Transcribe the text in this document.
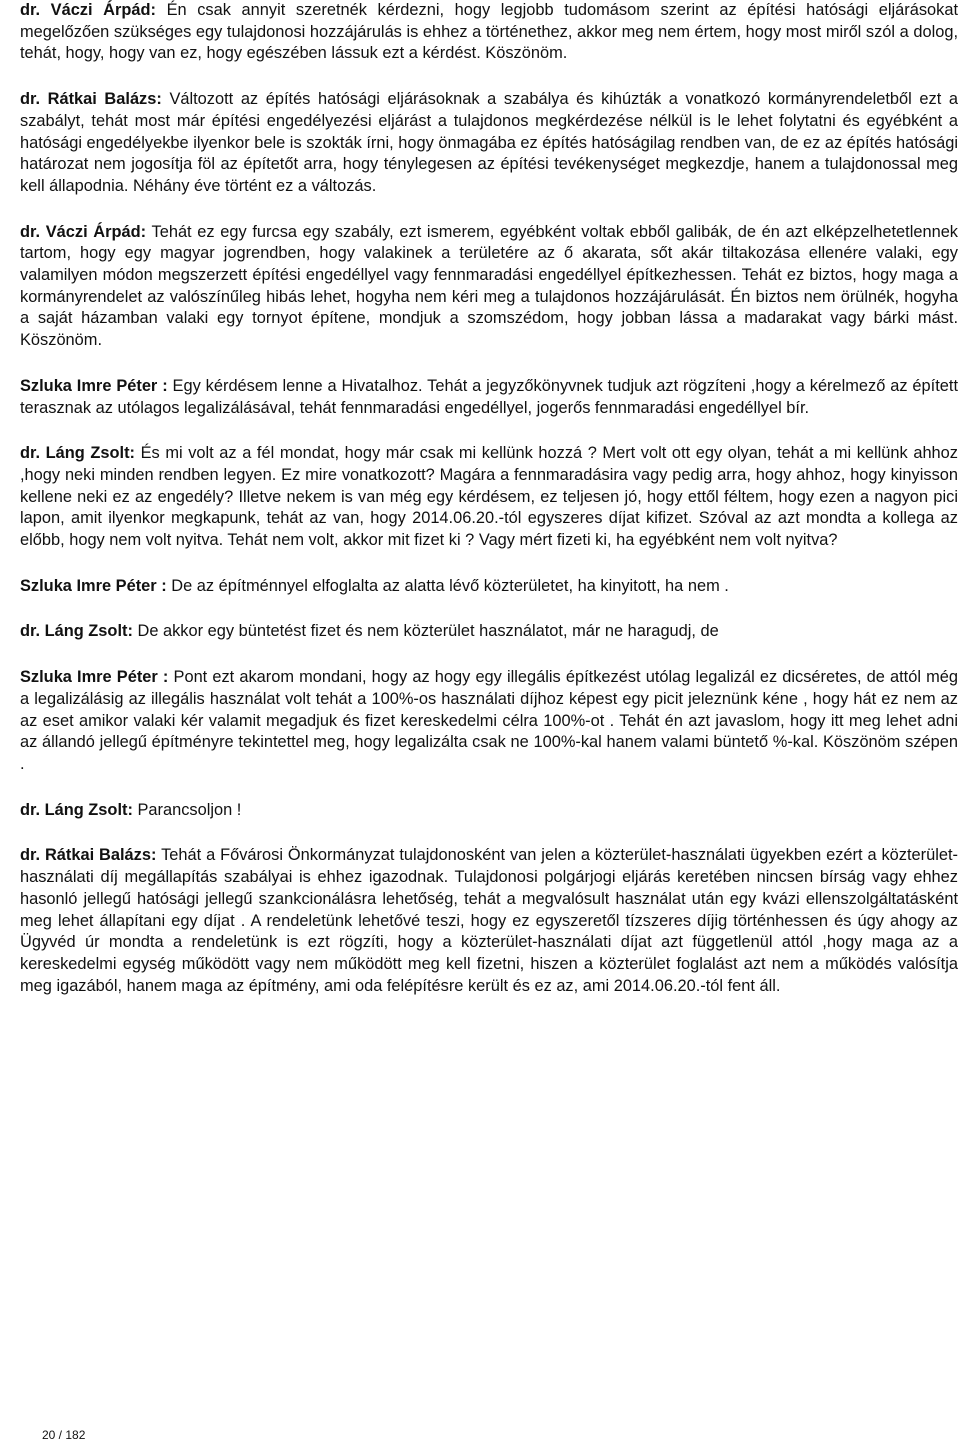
dr. Váczi Árpád: Én csak annyit szeretnék kérdezni, hogy legjobb tudomásom szerint az építési hatósági eljárásokat megelőzően szükséges egy tulajdonosi hozzájárulás is ehhez a történethez, akkor meg nem értem, hogy most miről szól a dolog, tehát, hogy, hogy van ez, hogy egészében lássuk ezt a kérdést. Köszönöm.

dr. Rátkai Balázs: Változott az építés hatósági eljárásoknak a szabálya és kihúzták a vonatkozó kormányrendeletből ezt a szabályt, tehát most már építési engedélyezési eljárást a tulajdonos megkérdezése nélkül is le lehet folytatni és egyébként a hatósági engedélyekbe ilyenkor bele is szokták írni, hogy önmagába ez építés hatóságilag rendben van, de ez az építés hatósági határozat nem jogosítja föl az építetőt arra, hogy ténylegesen az építési tevékenységet megkezdje, hanem a tulajdonossal meg kell állapodnia. Néhány éve történt ez a változás.

dr. Váczi Árpád: Tehát ez egy furcsa egy szabály, ezt ismerem, egyébként voltak ebből galibák, de én azt elképzelhetetlennek tartom, hogy egy magyar jogrendben, hogy valakinek a területére az ő akarata, sőt akár tiltakozása ellenére valaki, egy valamilyen módon megszerzett építési engedéllyel vagy fennmaradási engedéllyel építkezhessen. Tehát ez biztos, hogy maga a kormányrendelet az valószínűleg hibás lehet, hogyha nem kéri meg a tulajdonos hozzájárulását. Én biztos nem örülnék, hogyha a saját házamban valaki egy tornyot építene, mondjuk a szomszédom, hogy jobban lássa a madarakat vagy bárki mást. Köszönöm.

Szluka Imre Péter : Egy kérdésem lenne a Hivatalhoz. Tehát a jegyzőkönyvnek tudjuk azt rögzíteni ,hogy a kérelmező az épített terasznak az utólagos legalizálásával, tehát fennmaradási engedéllyel, jogerős fennmaradási engedéllyel bír.

dr. Láng Zsolt: És mi volt az a fél mondat, hogy már csak mi kellünk hozzá ? Mert volt ott egy olyan, tehát a mi kellünk ahhoz ,hogy neki minden rendben legyen. Ez mire vonatkozott? Magára a fennmaradásira vagy pedig arra, hogy ahhoz, hogy kinyisson kellene neki ez az engedély? Illetve nekem is van még egy kérdésem, ez teljesen jó, hogy ettől féltem, hogy ezen a nagyon pici lapon, amit ilyenkor megkapunk, tehát az van, hogy 2014.06.20.-tól egyszeres díjat kifizet. Szóval az azt mondta a kollega az előbb, hogy nem volt nyitva. Tehát nem volt, akkor mit fizet ki ? Vagy mért fizeti ki, ha egyébként nem volt nyitva?

Szluka Imre Péter : De az építménnyel elfoglalta az alatta lévő közterületet, ha kinyitott, ha nem .

dr. Láng Zsolt: De akkor egy büntetést fizet és nem közterület használatot, már ne haragudj, de

Szluka Imre Péter : Pont ezt akarom mondani, hogy az hogy egy illegális építkezést utólag legalizál ez dicséretes, de attól még a legalizálásig az illegális használat volt tehát a 100%-os használati díjhoz képest egy picit jeleznünk kéne , hogy hát ez nem az az eset amikor valaki kér valamit megadjuk és fizet kereskedelmi célra 100%-ot . Tehát én azt javaslom, hogy itt meg lehet adni az állandó jellegű építményre tekintettel meg, hogy legalizálta csak ne 100%-kal hanem valami büntető %-kal. Köszönöm szépen .

dr. Láng Zsolt: Parancsoljon !

dr. Rátkai Balázs: Tehát a Fővárosi Önkormányzat tulajdonosként van jelen a közterület-használati ügyekben ezért a közterület-használati díj megállapítás szabályai is ehhez igazodnak. Tulajdonosi polgárjogi eljárás keretében nincsen bírság vagy ehhez hasonló jellegű hatósági jellegű szankcionálásra lehetőség, tehát a megvalósult használat után egy kvázi ellenszolgáltatásként meg lehet állapítani egy díjat . A rendeletünk lehetővé teszi, hogy ez egyszeretől tízszeres díjig történhessen és úgy ahogy az Ügyvéd úr mondta a rendeletünk is ezt rögzíti, hogy a közterület-használati díjat azt függetlenül attól ,hogy maga az a kereskedelmi egység működött vagy nem működött meg kell fizetni, hiszen a közterület foglalást azt nem a működés valósítja meg igazából, hanem maga az építmény, ami oda felépítésre került és ez az, ami 2014.06.20.-tól fent áll.

20 / 182
